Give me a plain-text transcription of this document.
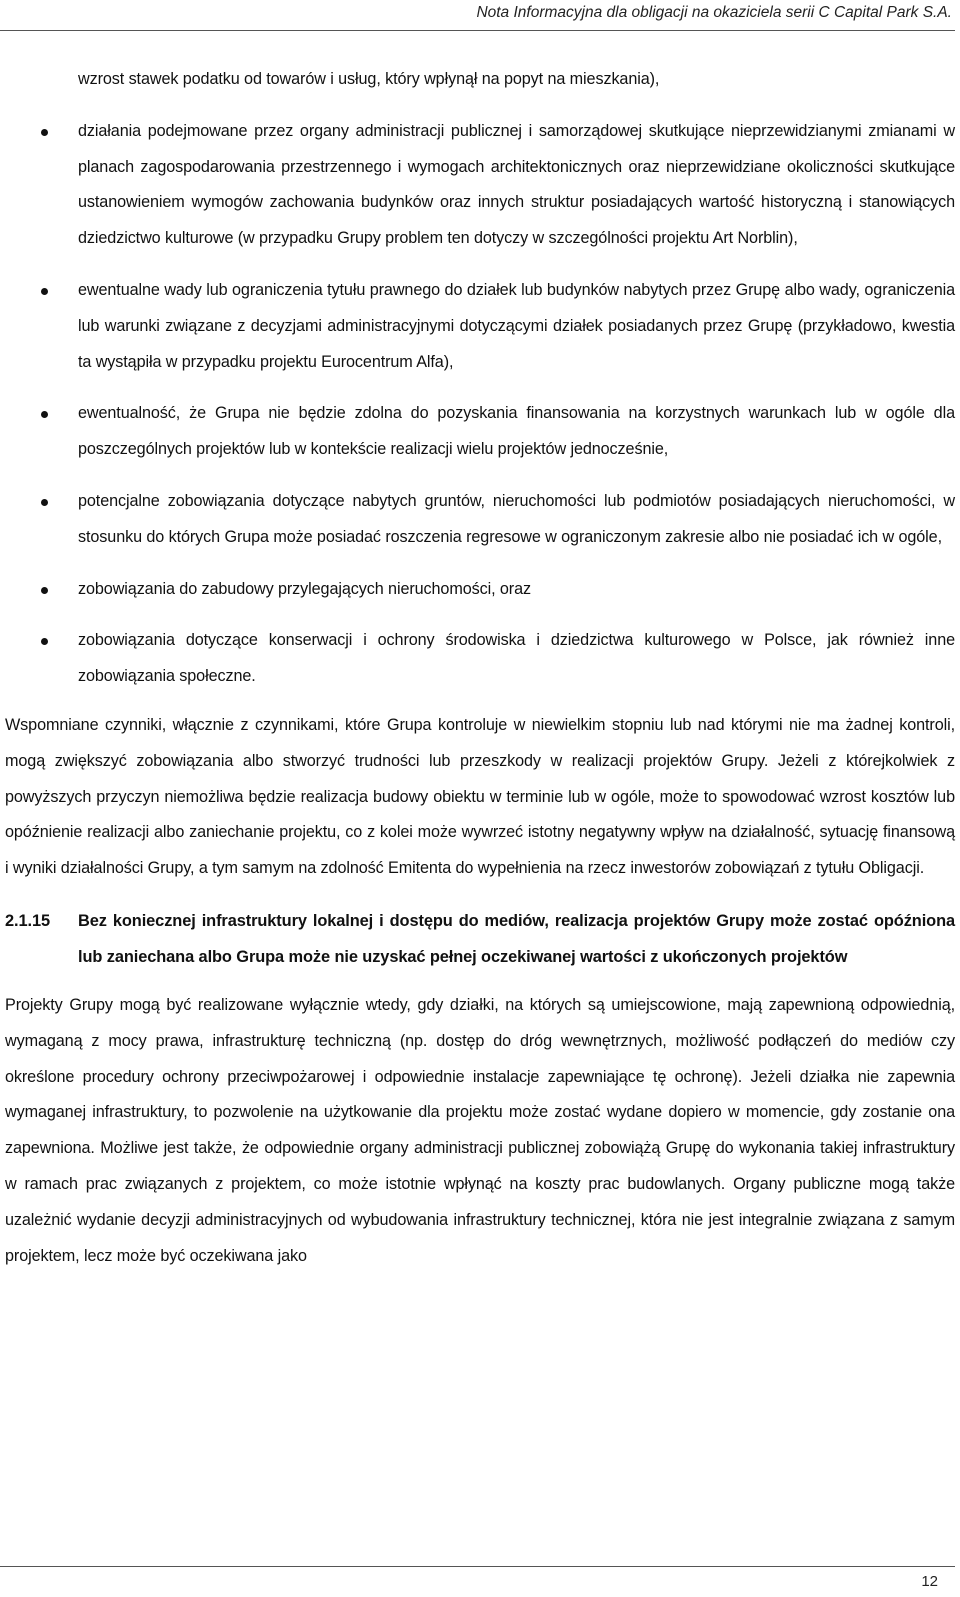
Nota Informacyjna dla obligacji na okaziciela serii C Capital Park S.A.

wzrost stawek podatku od towarów i usług, który wpłynął na popyt na mieszkania),

działania podejmowane przez organy administracji publicznej i samorządowej skutkujące nieprzewidzianymi zmianami w planach zagospodarowania przestrzennego i wymogach architektonicznych oraz nieprzewidziane okoliczności skutkujące ustanowieniem wymogów zachowania budynków oraz innych struktur posiadających wartość historyczną i stanowiących dziedzictwo kulturowe (w przypadku Grupy problem ten dotyczy w szczególności projektu Art Norblin),
ewentualne wady lub ograniczenia tytułu prawnego do działek lub budynków nabytych przez Grupę albo wady, ograniczenia lub warunki związane z decyzjami administracyjnymi dotyczącymi działek posiadanych przez Grupę (przykładowo, kwestia ta wystąpiła w przypadku projektu Eurocentrum Alfa),
ewentualność, że Grupa nie będzie zdolna do pozyskania finansowania na korzystnych warunkach lub w ogóle dla poszczególnych projektów lub w kontekście realizacji wielu projektów jednocześnie,
potencjalne zobowiązania dotyczące nabytych gruntów, nieruchomości lub podmiotów posiadających nieruchomości, w stosunku do których Grupa może posiadać roszczenia regresowe w ograniczonym zakresie albo nie posiadać ich w ogóle,
zobowiązania do zabudowy przylegających nieruchomości, oraz
zobowiązania dotyczące konserwacji i ochrony środowiska i dziedzictwa kulturowego w Polsce, jak również inne zobowiązania społeczne.

Wspomniane czynniki, włącznie z czynnikami, które Grupa kontroluje w niewielkim stopniu lub nad którymi nie ma żadnej kontroli, mogą zwiększyć zobowiązania albo stworzyć trudności lub przeszkody w realizacji projektów Grupy. Jeżeli z którejkolwiek z powyższych przyczyn niemożliwa będzie realizacja budowy obiektu w terminie lub w ogóle, może to spowodować wzrost kosztów lub opóźnienie realizacji albo zaniechanie projektu, co z kolei może wywrzeć istotny negatywny wpływ na działalność, sytuację finansową i wyniki działalności Grupy, a tym samym na zdolność Emitenta do wypełnienia na rzecz inwestorów zobowiązań z tytułu Obligacji.

2.1.15	Bez koniecznej infrastruktury lokalnej i dostępu do mediów, realizacja projektów Grupy może zostać opóźniona lub zaniechana albo Grupa może nie uzyskać pełnej oczekiwanej wartości z ukończonych projektów

Projekty Grupy mogą być realizowane wyłącznie wtedy, gdy działki, na których są umiejscowione, mają zapewnioną odpowiednią, wymaganą z mocy prawa, infrastrukturę techniczną (np. dostęp do dróg wewnętrznych, możliwość podłączeń do mediów czy określone procedury ochrony przeciwpożarowej i odpowiednie instalacje zapewniające tę ochronę). Jeżeli działka nie zapewnia wymaganej infrastruktury, to pozwolenie na użytkowanie dla projektu może zostać wydane dopiero w momencie, gdy zostanie ona zapewniona. Możliwe jest także, że odpowiednie organy administracji publicznej zobowiążą Grupę do wykonania takiej infrastruktury w ramach prac związanych z projektem, co może istotnie wpłynąć na koszty prac budowlanych. Organy publiczne mogą także uzależnić wydanie decyzji administracyjnych od wybudowania infrastruktury technicznej, która nie jest integralnie związana z samym projektem, lecz może być oczekiwana jako

12
